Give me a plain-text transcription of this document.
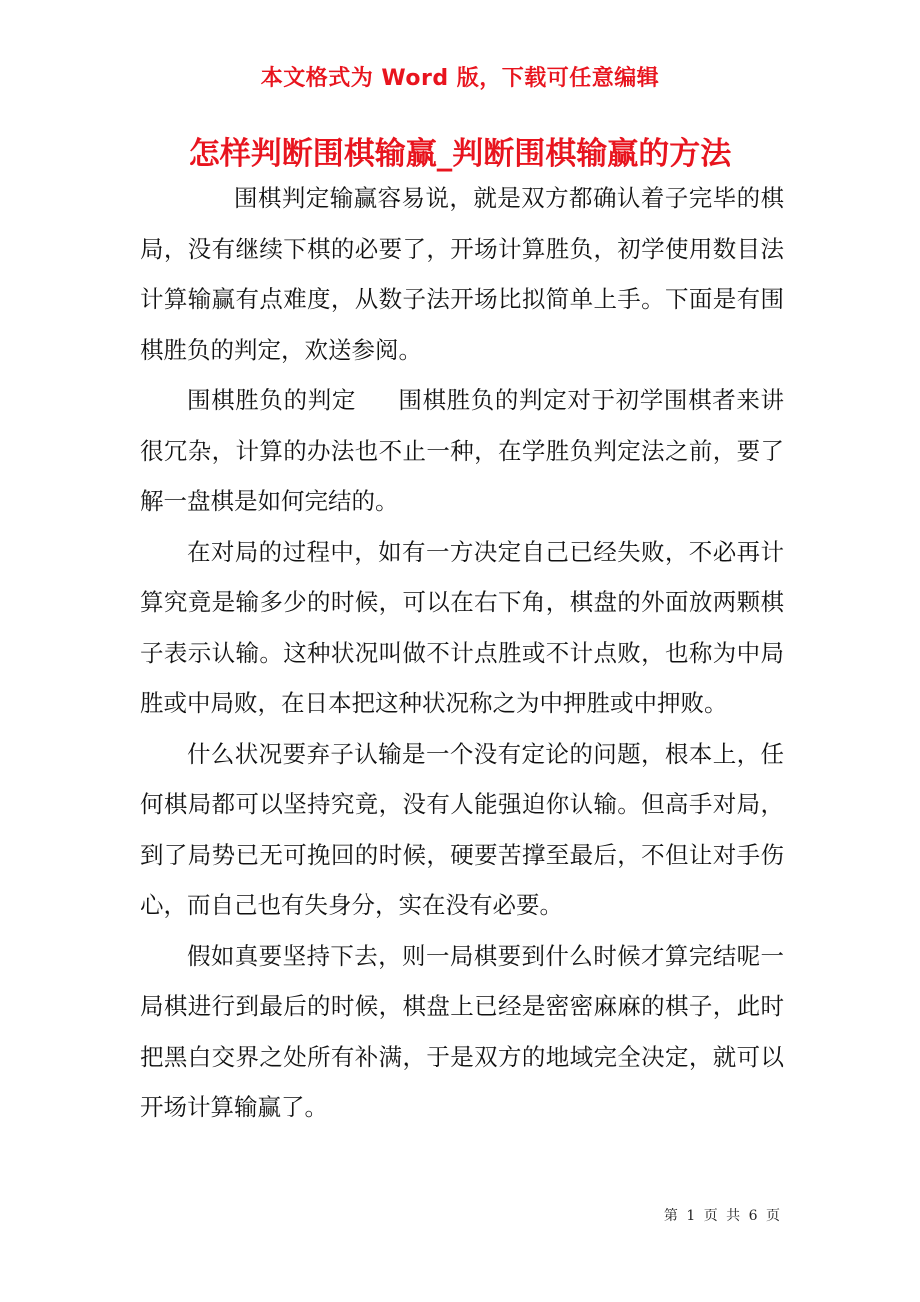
本文格式为 Word 版，下载可任意编辑
怎样判断围棋输赢_判断围棋输赢的方法

围棋判定输赢容易说，就是双方都确认着子完毕的棋局，没有继续下棋的必要了，开场计算胜负，初学使用数目法计算输赢有点难度，从数子法开场比拟简单上手。下面是有围棋胜负的判定，欢送参阅。

围棋胜负的判定 围棋胜负的判定对于初学围棋者来讲很冗杂，计算的办法也不止一种，在学胜负判定法之前，要了解一盘棋是如何完结的。

在对局的过程中，如有一方决定自己已经失败，不必再计算究竟是输多少的时候，可以在右下角，棋盘的外面放两颗棋子表示认输。这种状况叫做不计点胜或不计点败，也称为中局胜或中局败，在日本把这种状况称之为中押胜或中押败。

什么状况要弃子认输是一个没有定论的问题，根本上，任何棋局都可以坚持究竟，没有人能强迫你认输。但高手对局，到了局势已无可挽回的时候，硬要苦撑至最后，不但让对手伤心，而自己也有失身分，实在没有必要。

假如真要坚持下去，则一局棋要到什么时候才算完结呢一局棋进行到最后的时候，棋盘上已经是密密麻麻的棋子，此时把黑白交界之处所有补满，于是双方的地域完全决定，就可以开场计算输赢了。

第 1 页 共 6 页
